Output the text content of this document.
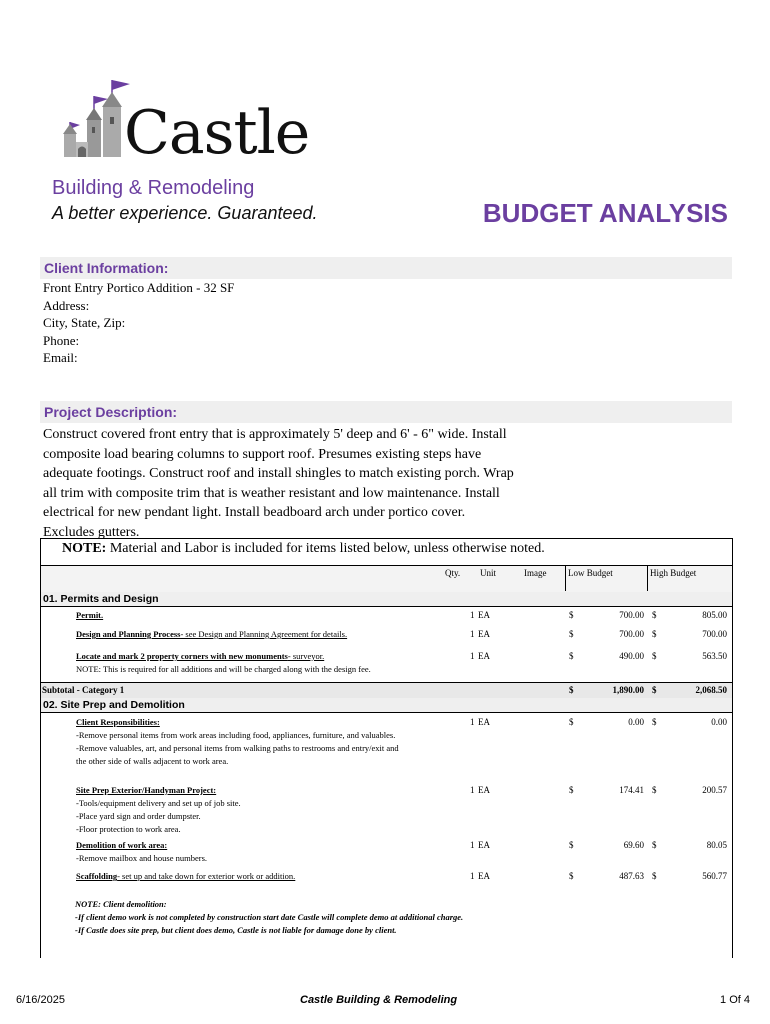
Castle
Building & Remodeling
A better experience. Guaranteed.	BUDGET ANALYSIS
Client Information:
Front Entry Portico Addition - 32 SF
Address:
City, State, Zip:
Phone:
Email:
Project Description:
Construct covered front entry that is approximately 5' deep and 6' - 6" wide. Install
composite load bearing columns to support roof. Presumes existing steps have
adequate footings. Construct roof and install shingles to match existing porch. Wrap
all trim with composite trim that is weather resistant and low maintenance. Install
electrical for new pendant light. Install beadboard arch under portico cover.
Excludes gutters.
NOTE: Material and Labor is included for items listed below, unless otherwise noted.
Qty. Unit	Image Low Budget	High Budget
01. Permits and Design
Permit.	1 EA	$	700.00 $	805.00
Design and Planning Process- see Design and Planning Agreement for details.	1 EA	$	700.00 $	700.00
Locate and mark 2 property corners with new monuments- surveyor.
NOTE: This is required for all additions and will be charged along with the design fee.
1 EA	$	490.00 $	563.50
Subtotal - Category 1	$	1,890.00 $	2,068.50
02. Site Prep and Demolition
Client Responsibilities:
-Remove personal items from work areas including food, appliances, furniture, and valuables.
-Remove valuables, art, and personal items from walking paths to restrooms and entry/exit and
the other side of walls adjacent to work area.
1 EA	$	0.00 $	0.00
Site Prep Exterior/Handyman Project:
-Tools/equipment delivery and set up of job site.
-Place yard sign and order dumpster.
-Floor protection to work area.
1 EA	$	174.41 $	200.57
Demolition of work area:
-Remove mailbox and house numbers.
1 EA	$	69.60 $	80.05
Scaffolding- set up and take down for exterior work or addition.	1 EA	$	487.63 $	560.77
NOTE: Client demolition:
-If client demo work is not completed by construction start date Castle will complete demo at additional charge.
-If Castle does site prep, but client does demo, Castle is not liable for damage done by client.
6/16/2025	Castle Building & Remodeling	1 Of 4
